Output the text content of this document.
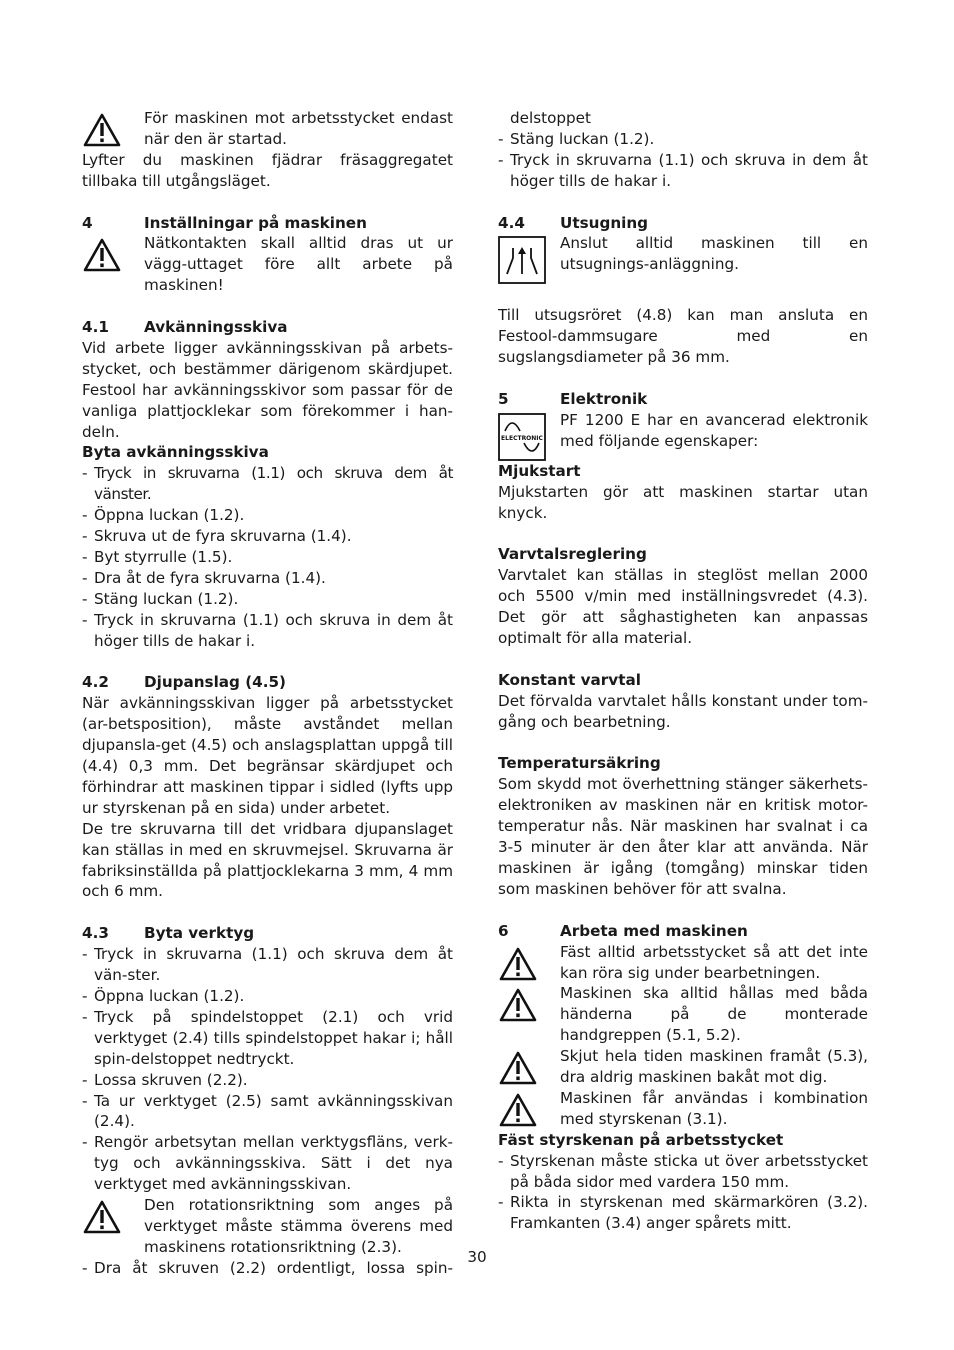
För maskinen mot arbetsstycket endast när den är startad.

Lyfter du maskinen fjädrar fräsaggregatet tillbaka till utgångsläget.

4	Inställningar på maskinen

Nätkontakten skall alltid dras ut ur vägg-uttaget före allt arbete på maskinen!

4.1	Avkänningsskiva

Vid arbete ligger avkänningsskivan på arbets-stycket, och bestämmer därigenom skärdjupet. Festool har avkänningsskivor som passar för de vanliga plattjocklekar som förekommer i han-deln.

Byta avkänningsskiva
- Tryck in skruvarna (1.1) och skruva dem åt vänster.
- Öppna luckan (1.2).
- Skruva ut de fyra skruvarna (1.4).
- Byt styrrulle (1.5).
- Dra åt de fyra skruvarna (1.4).
- Stäng luckan (1.2).
- Tryck in skruvarna (1.1) och skruva in dem åt höger tills de hakar i.
4.2	Djupanslag (4.5)

När avkänningsskivan ligger på arbetsstycket (ar-betsposition), måste avståndet mellan djupansla-get (4.5) och anslagsplattan uppgå till (4.4) 0,3 mm. Det begränsar skärdjupet och förhindrar att maskinen tippar i sidled (lyfts upp ur styrskenan på en sida) under arbetet.

De tre skruvarna till det vridbara djupanslaget kan ställas in med en skruvmejsel. Skruvarna är fabriksinställda på plattjocklekarna 3 mm, 4 mm och 6 mm.

4.3	Byta verktyg
- Tryck in skruvarna (1.1) och skruva dem åt vän-ster.
- Öppna luckan (1.2).
- Tryck på spindelstoppet (2.1) och vrid verktyget (2.4) tills spindelstoppet hakar i; håll spin-delstoppet nedtryckt.
- Lossa skruven (2.2).
- Ta ur verktyget (2.5) samt avkänningsskivan (2.4).
- Rengör arbetsytan mellan verktygsfläns, verk-tyg och avkänningsskiva. Sätt i det nya verktyget med avkänningsskivan.

Den rotationsriktning som anges på verktyget måste stämma överens med maskinens rotationsriktning (2.3).

- Dra åt skruven (2.2) ordentligt, lossa spin-
delstoppet
- Stäng luckan (1.2).
- Tryck in skruvarna (1.1) och skruva in dem åt höger tills de hakar i.
4.4	Utsugning

Anslut alltid maskinen till en utsugnings-anläggning.

Till utsugsröret (4.8) kan man ansluta en Festool-dammsugare med en sugslangsdiameter på 36 mm.

5	Elektronik
ELECTRONIC

PF 1200 E har en avancerad elektronik med följande egenskaper:

Mjukstart

Mjukstarten gör att maskinen startar utan knyck.

Varvtalsreglering

Varvtalet kan ställas in steglöst mellan 2000 och 5500 v/min med inställningsvredet (4.3). Det gör att såghastigheten kan anpassas optimalt för alla material.

Konstant varvtal

Det förvalda varvtalet hålls konstant under tom-gång och bearbetning.

Temperatursäkring

Som skydd mot överhettning stänger säkerhets-elektroniken av maskinen när en kritisk motor-temperatur nås. När maskinen har svalnat i ca 3-5 minuter är den åter klar att använda. När maskinen är igång (tomgång) minskar tiden som maskinen behöver för att svalna.

6	Arbeta med maskinen

Fäst alltid arbetsstycket så att det inte kan röra sig under bearbetningen.

Maskinen ska alltid hållas med båda händerna på de monterade handgreppen (5.1, 5.2).

Skjut hela tiden maskinen framåt (5.3), dra aldrig maskinen bakåt mot dig.

Maskinen får användas i kombination med styrskenan (3.1).

Fäst styrskenan på arbetsstycket
- Styrskenan måste sticka ut över arbetsstycket på båda sidor med vardera 150 mm.
- Rikta in styrskenan med skärmarkören (3.2). Framkanten (3.4) anger spårets mitt.
30
